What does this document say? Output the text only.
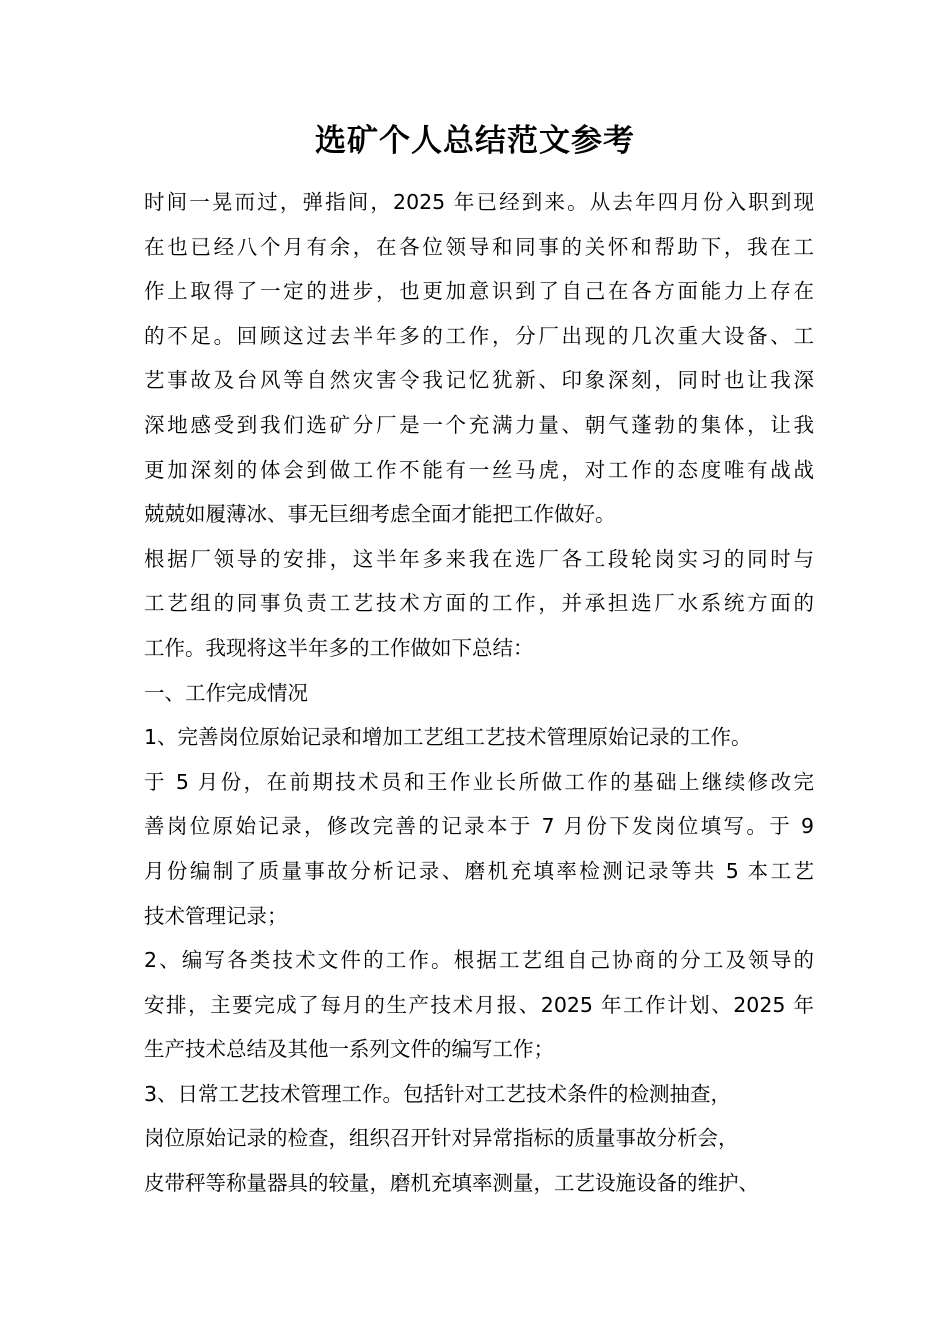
选矿个人总结范文参考
时间一晃而过，弹指间，2025 年已经到来。从去年四月份入职到现
在也已经八个月有余，在各位领导和同事的关怀和帮助下，我在工
作上取得了一定的进步，也更加意识到了自己在各方面能力上存在
的不足。回顾这过去半年多的工作，分厂出现的几次重大设备、工
艺事故及台风等自然灾害令我记忆犹新、印象深刻，同时也让我深
深地感受到我们选矿分厂是一个充满力量、朝气蓬勃的集体，让我
更加深刻的体会到做工作不能有一丝马虎，对工作的态度唯有战战
兢兢如履薄冰、事无巨细考虑全面才能把工作做好。
根据厂领导的安排，这半年多来我在选厂各工段轮岗实习的同时与
工艺组的同事负责工艺技术方面的工作，并承担选厂水系统方面的
工作。我现将这半年多的工作做如下总结：
一、工作完成情况
1、完善岗位原始记录和增加工艺组工艺技术管理原始记录的工作。
于 5 月份，在前期技术员和王作业长所做工作的基础上继续修改完
善岗位原始记录，修改完善的记录本于 7 月份下发岗位填写。于 9
月份编制了质量事故分析记录、磨机充填率检测记录等共 5 本工艺
技术管理记录；
2、编写各类技术文件的工作。根据工艺组自己协商的分工及领导的
安排，主要完成了每月的生产技术月报、2025 年工作计划、2025 年
生产技术总结及其他一系列文件的编写工作；
3、日常工艺技术管理工作。包括针对工艺技术条件的检测抽查，
岗位原始记录的检查，组织召开针对异常指标的质量事故分析会，
皮带秤等称量器具的较量，磨机充填率测量，工艺设施设备的维护、
